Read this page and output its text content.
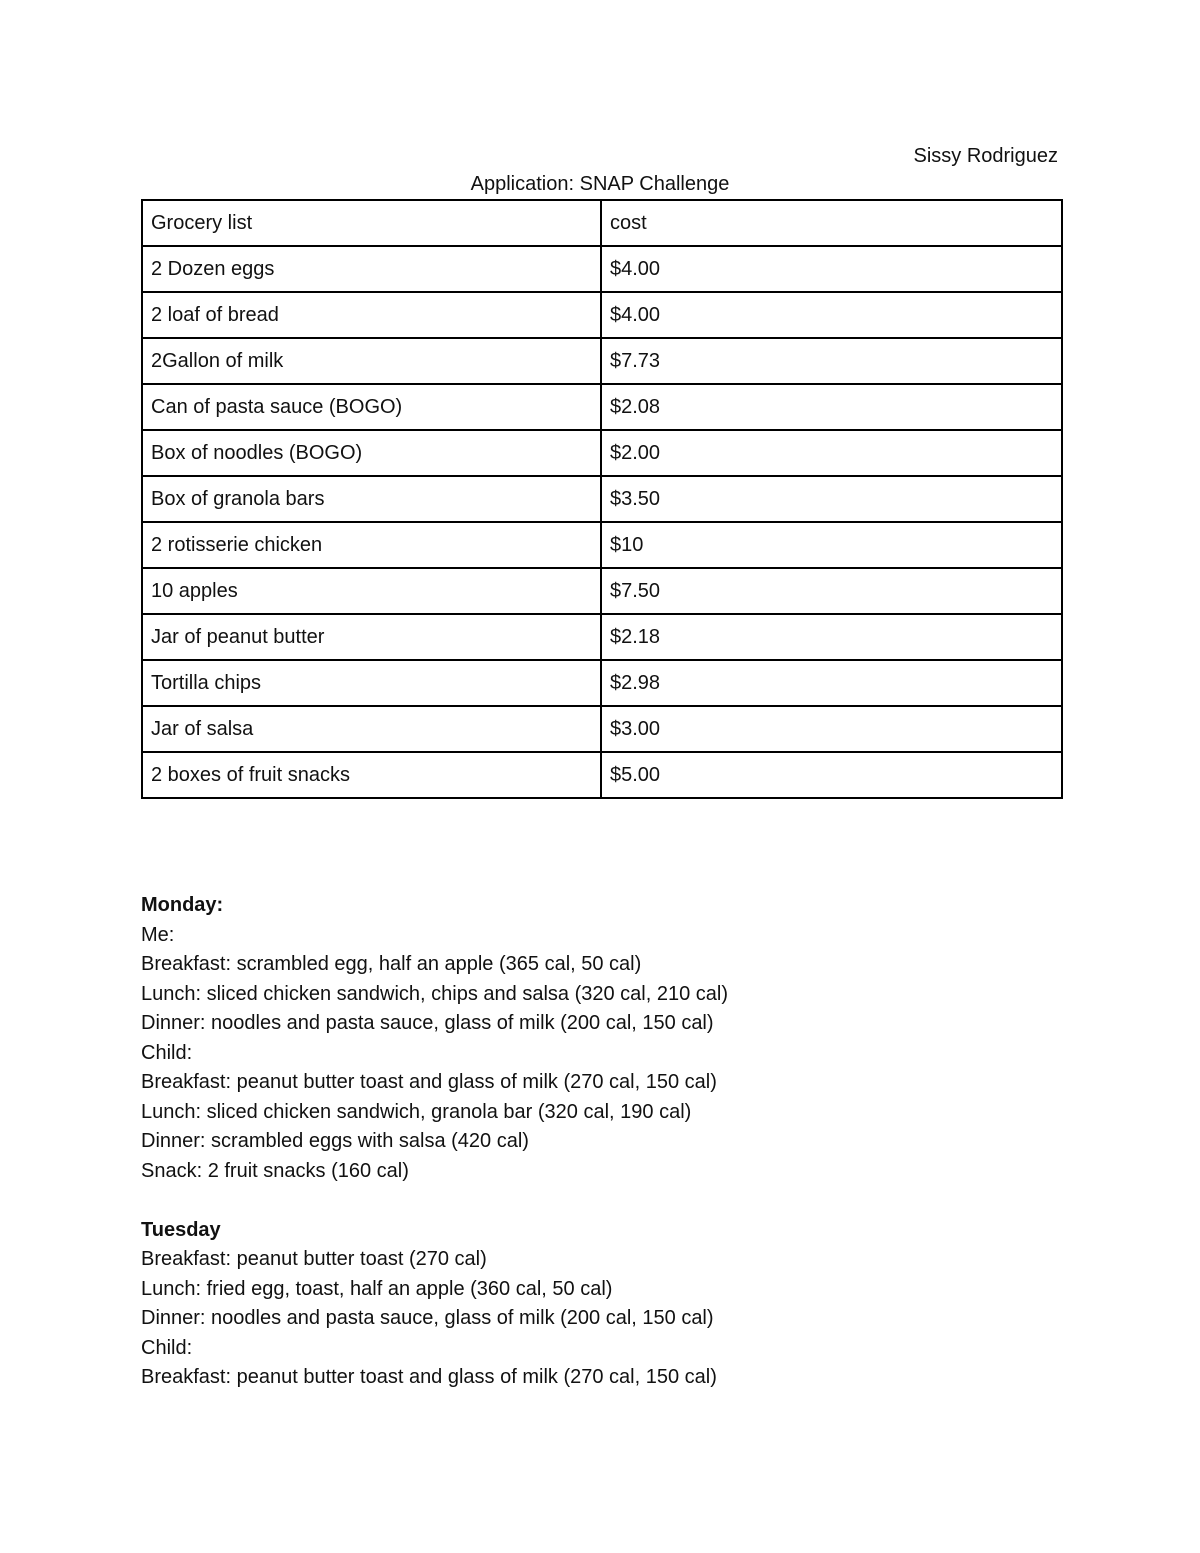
Sissy Rodriguez
Application: SNAP Challenge
Grocery list	cost
2 Dozen eggs	$4.00
2 loaf of bread	$4.00
2Gallon of milk	$7.73
Can of pasta sauce (BOGO)	$2.08
Box of noodles (BOGO)	$2.00
Box of granola bars	$3.50
2 rotisserie chicken	$10
10 apples	$7.50
Jar of peanut butter	$2.18
Tortilla chips	$2.98
Jar of salsa	$3.00
2 boxes of fruit snacks	$5.00
Monday:
Me:
Breakfast: scrambled egg, half an apple (365 cal, 50 cal)
Lunch: sliced chicken sandwich, chips and salsa (320 cal, 210 cal)
Dinner: noodles and pasta sauce, glass of milk (200 cal, 150 cal)
Child:
Breakfast: peanut butter toast and glass of milk (270 cal, 150 cal)
Lunch: sliced chicken sandwich, granola bar (320 cal, 190 cal)
Dinner: scrambled eggs with salsa (420 cal)
Snack: 2 fruit snacks (160 cal)
Tuesday
Breakfast: peanut butter toast (270 cal)
Lunch: fried egg, toast, half an apple (360 cal, 50 cal)
Dinner: noodles and pasta sauce, glass of milk (200 cal, 150 cal)
Child:
Breakfast: peanut butter toast and glass of milk (270 cal, 150 cal)
